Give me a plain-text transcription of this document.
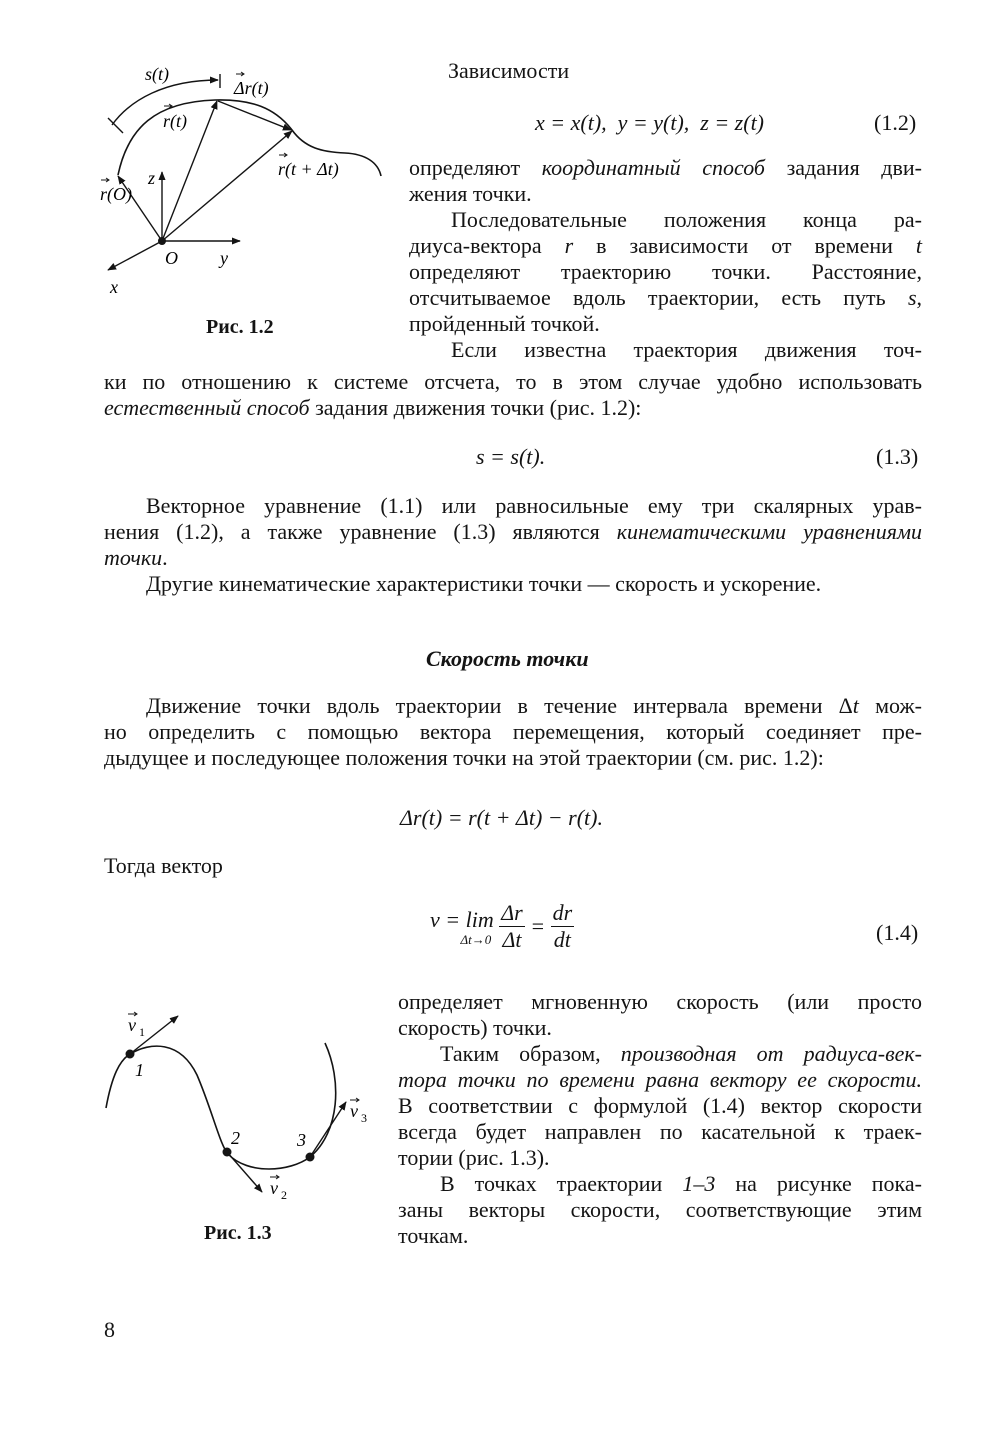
s(t)
Δr(t)
r(t)
r(t + Δt)
r(O)
z
O y
x
Рис. 1.2
Зависимости
x = x(t),  y = y(t),  z = z(t)	(1.2)

определяют координатный способ задания дви-

жения точки.

Последовательные положения конца ра-

диуса-вектора r в зависимости от времени t

определяют траекторию точки. Расстояние,

отсчитываемое вдоль траектории, есть путь s,

пройденный точкой.

Если известна траектория движения точ-

ки по отношению к системе отсчета, то в этом случае удобно использовать

естественный способ задания движения точки (рис. 1.2):

s = s(t).	(1.3)

Векторное уравнение (1.1) или равносильные ему три скалярных урав-

нения (1.2), а также уравнение (1.3) являются кинематическими уравнениями

точки.

Другие кинематические характеристики точки — скорость и ускорение.

Скорость точки

Движение точки вдоль траектории в течение интервала времени Δt мож-

но определить с помощью вектора перемещения, который соединяет пре-

дыдущее и последующее положения точки на этой траектории (см. рис. 1.2):

Δr(t) = r(t + Δt) − r(t).
Тогда вектор
v = lim
Δt→0
$\frac{\Delta r}{\Delta t} = \frac{dr}{dt}$	(1.4)
v 1
v 2
v 3
1
2	3
Рис. 1.3

определяет мгновенную скорость (или просто

скорость) точки.

Таким образом, производная от радиуса-век-

тора точки по времени равна вектору ее скорости.

В соответствии с формулой (1.4) вектор скорости

всегда будет направлен по касательной к траек-

тории (рис. 1.3).

В точках траектории 1–3 на рисунке пока-

заны векторы скорости, соответствующие этим

точкам.

8
